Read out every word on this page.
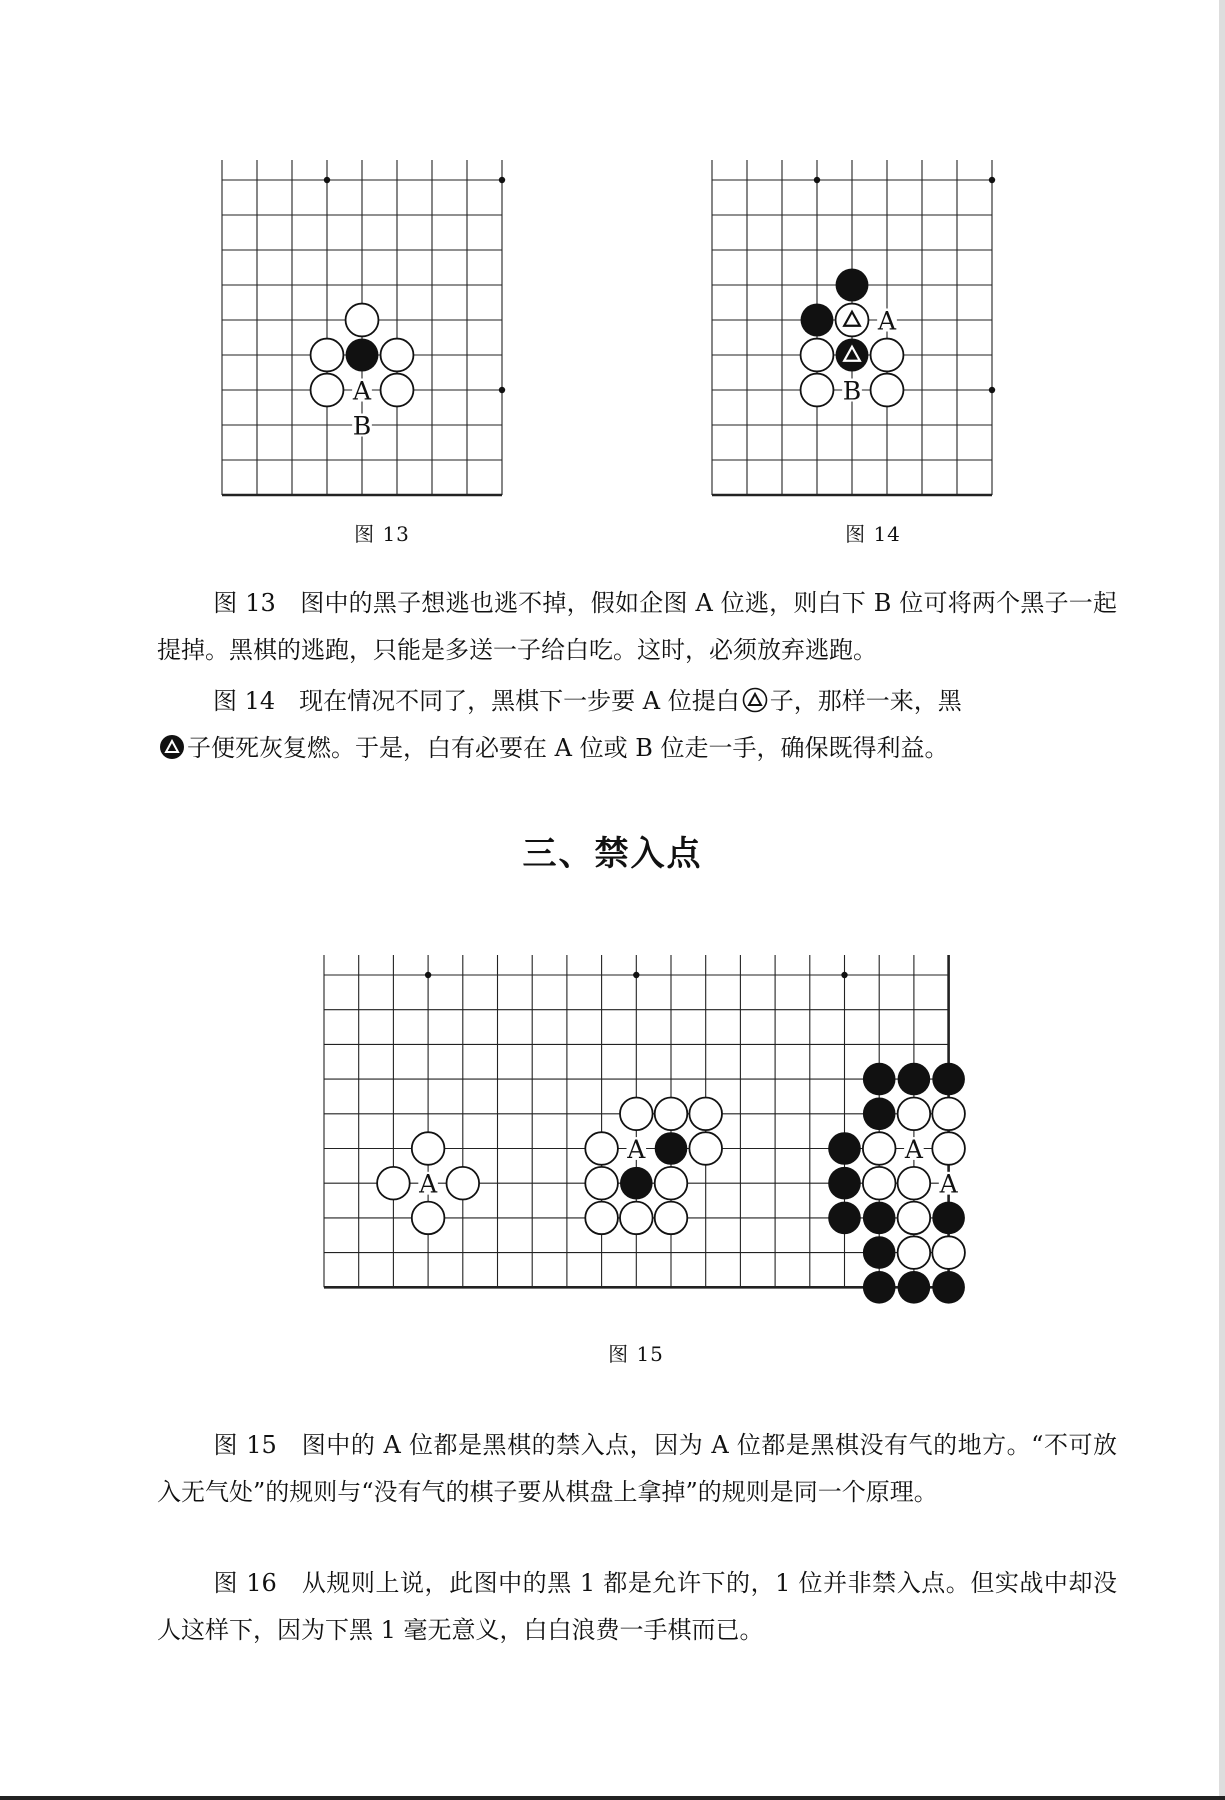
A
B
图 13
A
B
图 14

图 13　图中的黑子想逃也逃不掉，假如企图 A 位逃，则白下 B 位可将两个黑子一起提掉。黑棋的逃跑，只能是多送一子给白吃。这时，必须放弃逃跑。

图 14　现在情况不同了，黑棋下一步要 A 位提白 子，那样一来，黑
子便死灰复燃。于是，白有必要在 A 位或 B 位走一手，确保既得利益。

三、禁入点
A
A	A
A
图 15

图 15　图中的 A 位都是黑棋的禁入点，因为 A 位都是黑棋没有气的地方。“不可放入无气处”的规则与“没有气的棋子要从棋盘上拿掉”的规则是同一个原理。

图 16　从规则上说，此图中的黑 1 都是允许下的，1 位并非禁入点。但实战中却没人这样下，因为下黑 1 毫无意义，白白浪费一手棋而已。
